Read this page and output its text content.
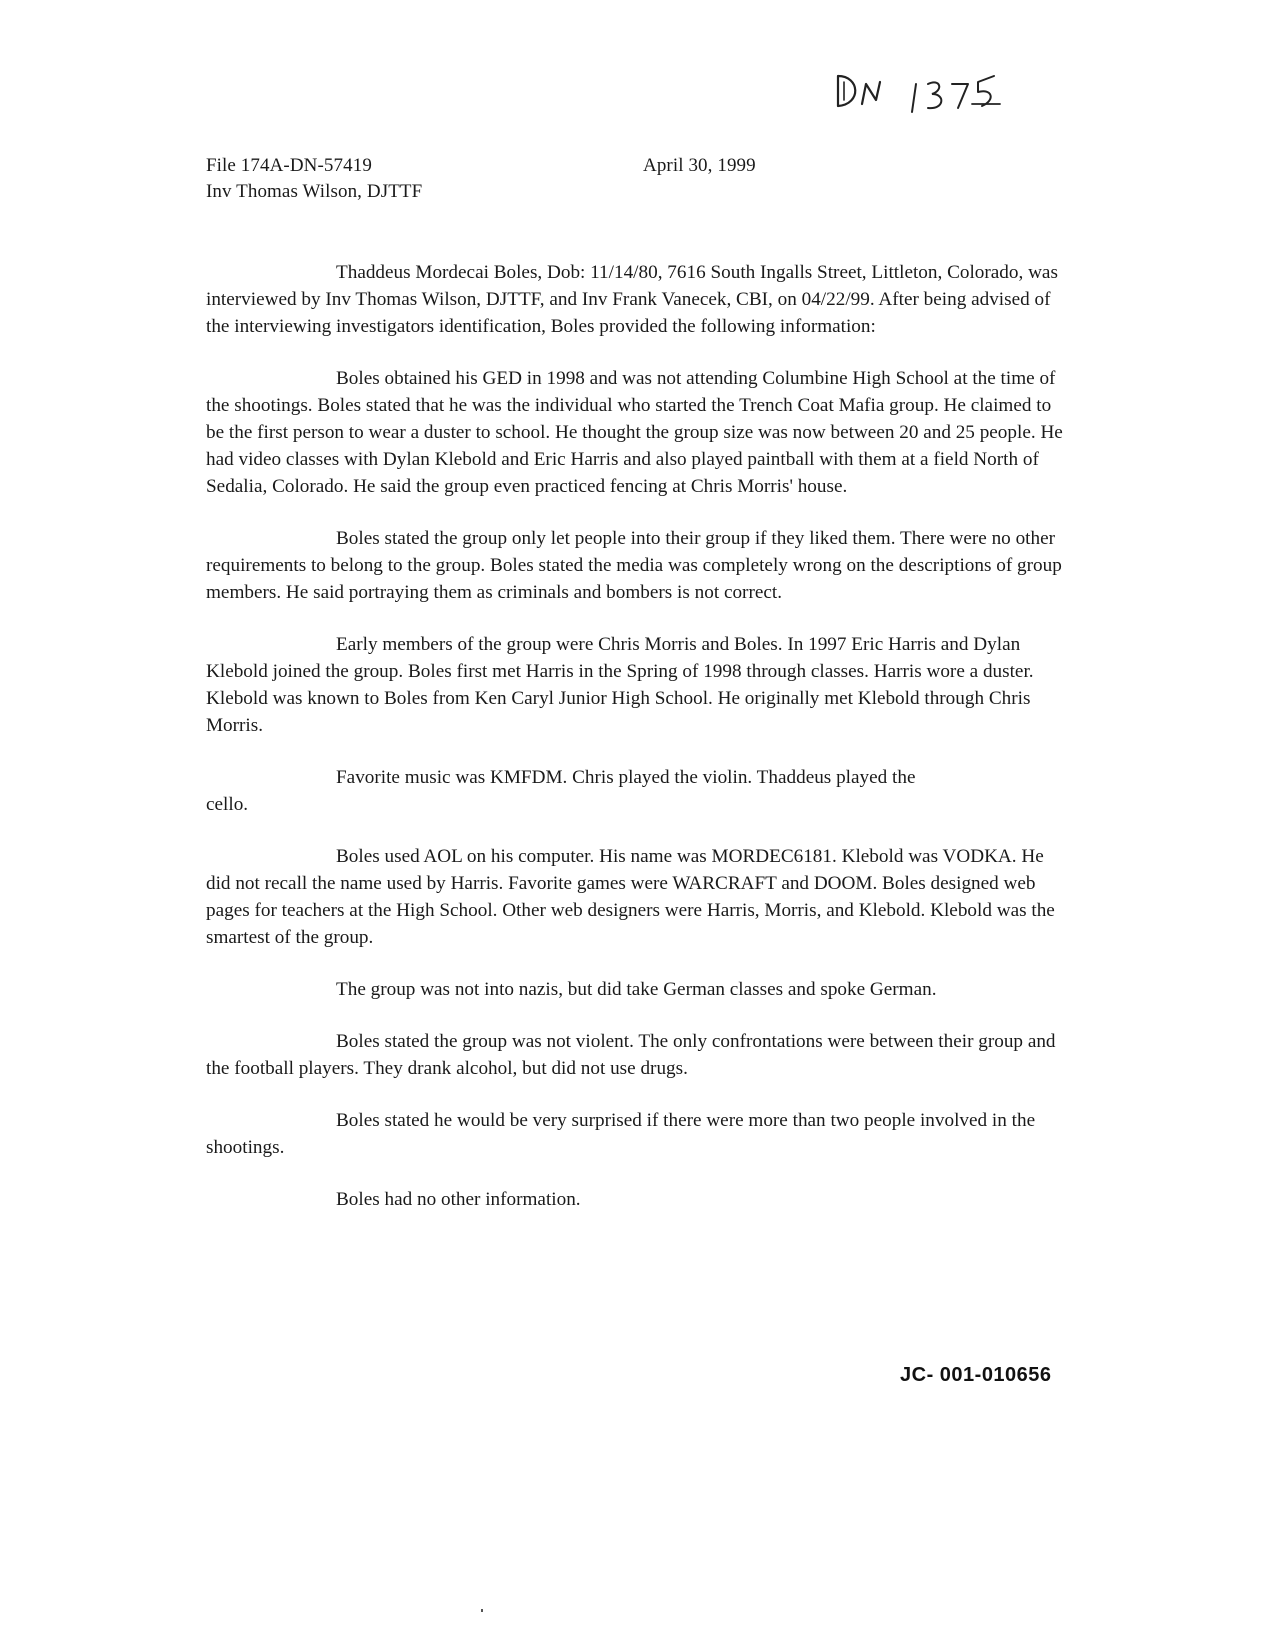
File 174A-DN-57419
Inv Thomas Wilson, DJTTF
April 30, 1999

Thaddeus Mordecai Boles, Dob: 11/14/80, 7616 South Ingalls Street, Littleton, Colorado, was interviewed by Inv Thomas Wilson, DJTTF, and Inv Frank Vanecek, CBI, on 04/22/99. After being advised of the interviewing investigators identification, Boles provided the following information:

Boles obtained his GED in 1998 and was not attending Columbine High School at the time of the shootings. Boles stated that he was the individual who started the Trench Coat Mafia group. He claimed to be the first person to wear a duster to school. He thought the group size was now between 20 and 25 people. He had video classes with Dylan Klebold and Eric Harris and also played paintball with them at a field North of Sedalia, Colorado. He said the group even practiced fencing at Chris Morris' house.

Boles stated the group only let people into their group if they liked them. There were no other requirements to belong to the group. Boles stated the media was completely wrong on the descriptions of group members. He said portraying them as criminals and bombers is not correct.

Early members of the group were Chris Morris and Boles. In 1997 Eric Harris and Dylan Klebold joined the group. Boles first met Harris in the Spring of 1998 through classes. Harris wore a duster. Klebold was known to Boles from Ken Caryl Junior High School. He originally met Klebold through Chris Morris.

Favorite music was KMFDM. Chris played the violin. Thaddeus played the

cello.

Boles used AOL on his computer. His name was MORDEC6181. Klebold was VODKA. He did not recall the name used by Harris. Favorite games were WARCRAFT and DOOM. Boles designed web pages for teachers at the High School. Other web designers were Harris, Morris, and Klebold. Klebold was the smartest of the group.

The group was not into nazis, but did take German classes and spoke German.

Boles stated the group was not violent. The only confrontations were between their group and the football players. They drank alcohol, but did not use drugs.

Boles stated he would be very surprised if there were more than two people involved in the shootings.

Boles had no other information.

JC- 001-010656
